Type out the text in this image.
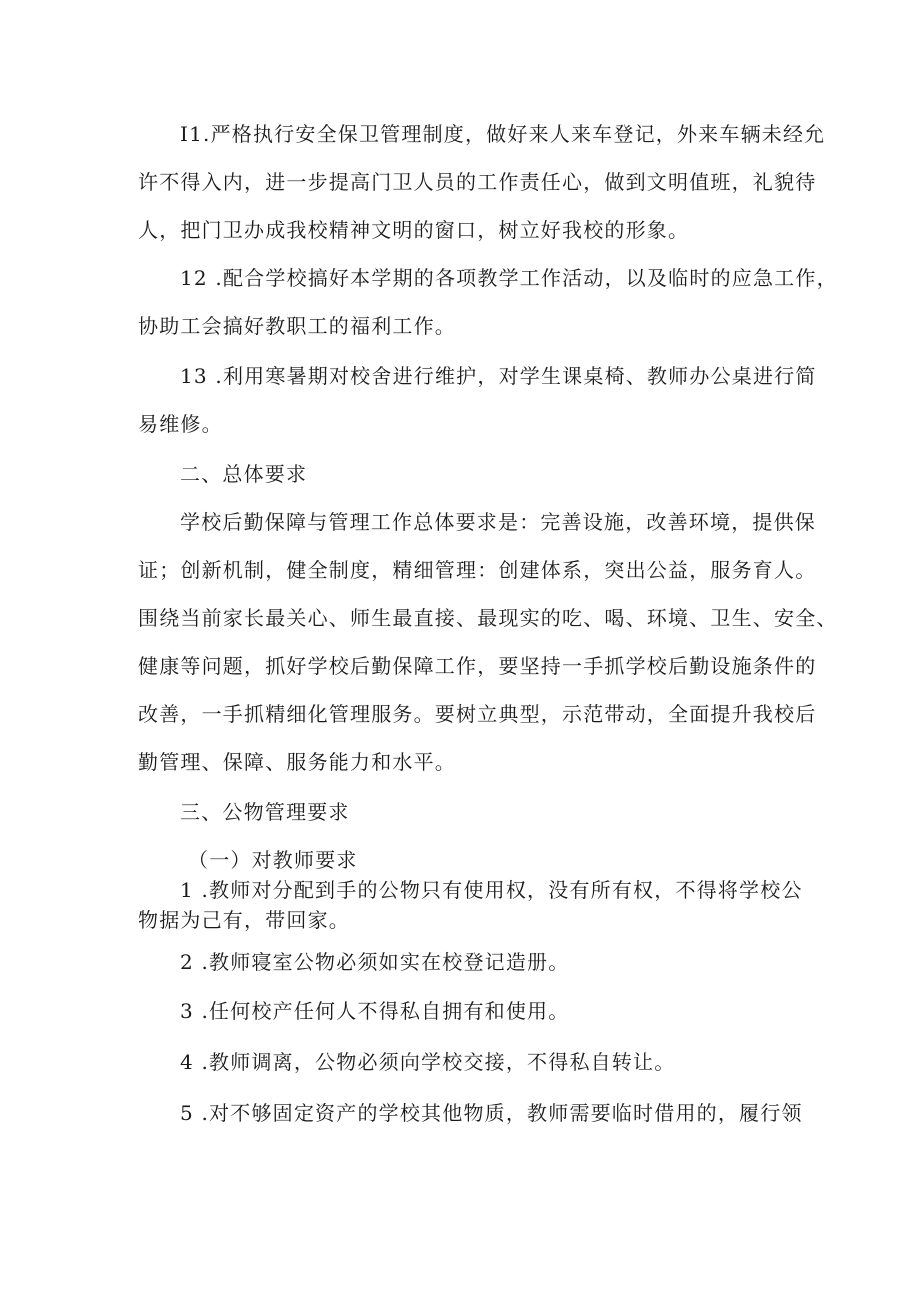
I1.严格执行安全保卫管理制度，做好来人来车登记，外来车辆未经允
许不得入内，进一步提高门卫人员的工作责任心，做到文明值班，礼貌待
人，把门卫办成我校精神文明的窗口，树立好我校的形象。
12 .配合学校搞好本学期的各项教学工作活动，以及临时的应急工作，
协助工会搞好教职工的福利工作。
13 .利用寒暑期对校舍进行维护，对学生课桌椅、教师办公桌进行简
易维修。
二、总体要求
学校后勤保障与管理工作总体要求是：完善设施，改善环境，提供保
证；创新机制，健全制度，精细管理：创建体系，突出公益，服务育人。
围绕当前家长最关心、师生最直接、最现实的吃、喝、环境、卫生、安全、
健康等问题，抓好学校后勤保障工作，要坚持一手抓学校后勤设施条件的
改善，一手抓精细化管理服务。要树立典型，示范带动，全面提升我校后
勤管理、保障、服务能力和水平。
三、公物管理要求
（一）对教师要求
1 .教师对分配到手的公物只有使用权，没有所有权，不得将学校公
物据为己有，带回家。
2 .教师寝室公物必须如实在校登记造册。
3 .任何校产任何人不得私自拥有和使用。
4 .教师调离，公物必须向学校交接，不得私自转让。
5 .对不够固定资产的学校其他物质，教师需要临时借用的，履行领
